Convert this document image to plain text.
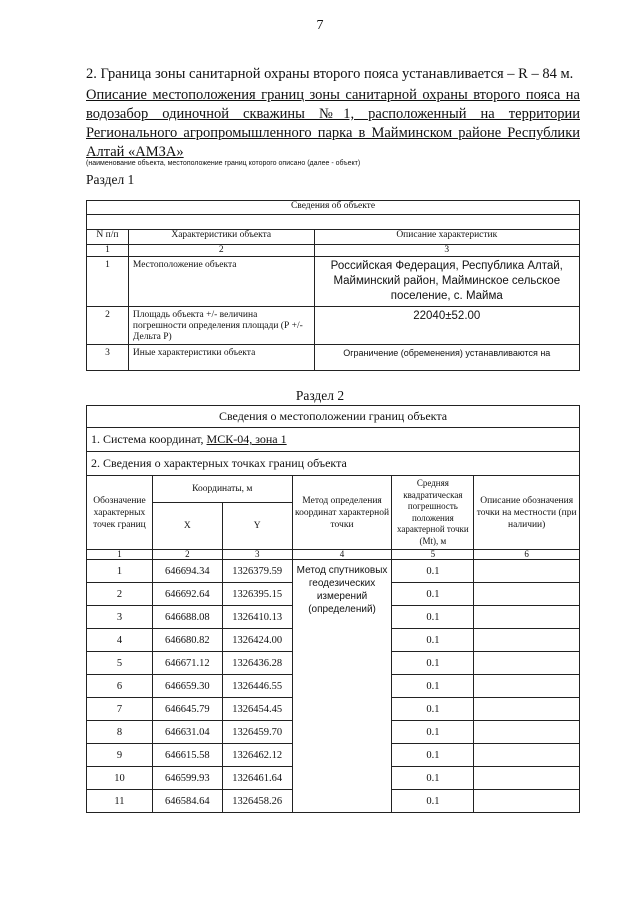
7
2. Граница зоны санитарной охраны второго пояса устанавливается – R – 84 м.
Описание местоположения границ зоны санитарной охраны второго пояса на
водозабор одиночной скважины №1, расположенный на территории
Регионального агропромышленного парка в Майминском районе Республики
Алтай «АМЗА»
(наименование объекта, местоположение границ которого описано (далее - объект)
Раздел 1
Сведения об объекте		

N п/п	Характеристики объекта	Описание характеристик
1	2	3
1	Местоположение объекта	Российская Федерация, Республика Алтай, Майминский район, Майминское сельское поселение, с. Майма
2	Площадь объекта +/- величина погрешности определения площади (Р +/- Дельта Р)	22040±52.00
3	Иные характеристики объекта	Ограничение (обременения) устанавливаются на
Раздел 2
Сведения о местоположении границ объекта					
1. Система координат, МСК-04, зона 1					
2. Сведения о характерных точках границ объекта					
Обозначение характерных точек границ	Координаты, м		Метод определения координат характерной точки	Средняя квадратическая погрешность положения характерной точки (Мt), м	Описание обозначения точки на местности (при наличии)
	X	Y			
1	2	3	4	5	6
1	646694.34	1326379.59	Метод спутниковых геодезических измерений (определений)	0.1	
2	646692.64	1326395.15		0.1	
3	646688.08	1326410.13		0.1	
4	646680.82	1326424.00		0.1	
5	646671.12	1326436.28		0.1	
6	646659.30	1326446.55		0.1	
7	646645.79	1326454.45		0.1	
8	646631.04	1326459.70		0.1	
9	646615.58	1326462.12		0.1	
10	646599.93	1326461.64		0.1	
11	646584.64	1326458.26		0.1	
